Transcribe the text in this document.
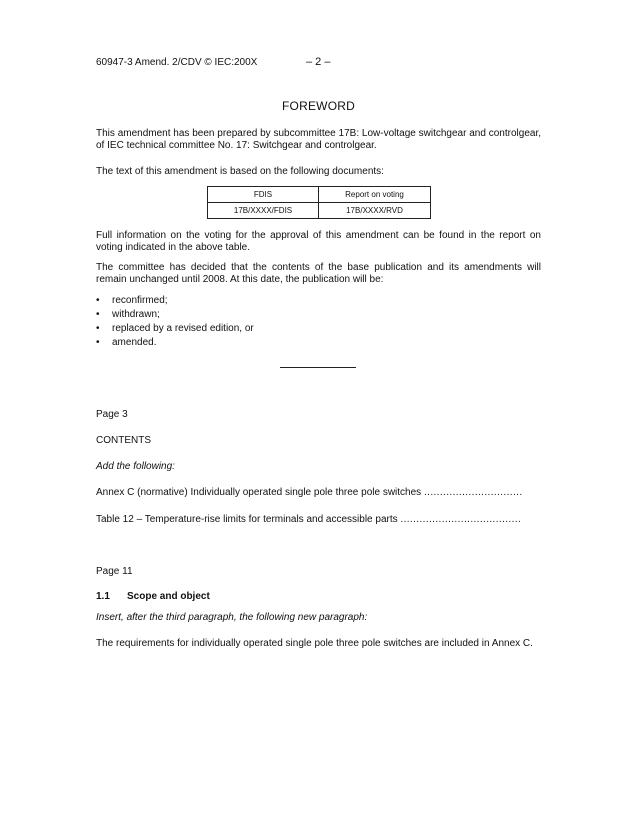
60947-3 Amend. 2/CDV © IEC:200X	– 2 –
FOREWORD
This amendment has been prepared by subcommittee 17B: Low-voltage switchgear and controlgear, of IEC technical committee No. 17: Switchgear and controlgear.
The text of this amendment is based on the following documents:
FDIS	Report on voting
17B/XXXX/FDIS	17B/XXXX/RVD
Full information on the voting for the approval of this amendment can be found in the report on voting indicated in the above table.
The committee has decided that the contents of the base publication and its amendments will remain unchanged until 2008. At this date, the publication will be:
• reconfirmed;
• withdrawn;
• replaced by a revised edition, or
• amended.
Page 3
CONTENTS
Add the following:
Annex C (normative) Individually operated single pole three pole switches ...............................
Table 12 – Temperature-rise limits for terminals and accessible parts ......................................
Page 11
1.1 Scope and object
Insert, after the third paragraph, the following new paragraph:
The requirements for individually operated single pole three pole switches are included in Annex C.
